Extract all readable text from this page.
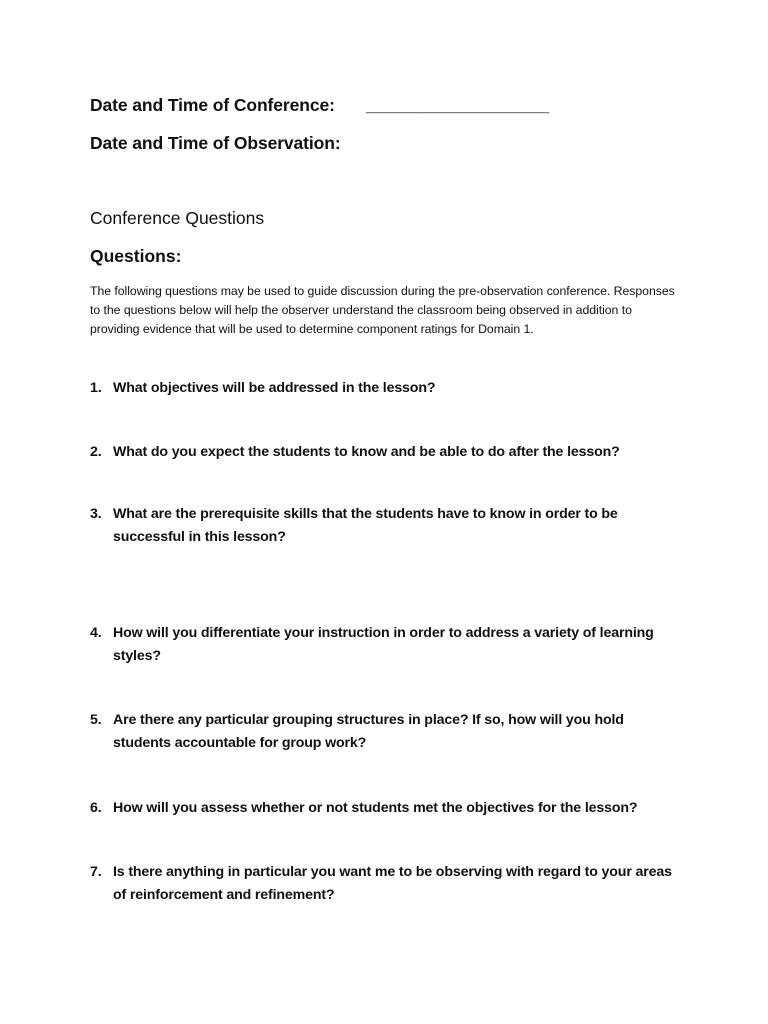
Date and Time of Conference: ___________________
Date and Time of Observation:
Conference Questions
Questions:
The following questions may be used to guide discussion during the pre-observation conference. Responses to the questions below will help the observer understand the classroom being observed in addition to providing evidence that will be used to determine component ratings for Domain 1.
1. What objectives will be addressed in the lesson?
2. What do you expect the students to know and be able to do after the lesson?
3. What are the prerequisite skills that the students have to know in order to be successful in this lesson?
4. How will you differentiate your instruction in order to address a variety of learning styles?
5. Are there any particular grouping structures in place? If so, how will you hold students accountable for group work?
6. How will you assess whether or not students met the objectives for the lesson?
7. Is there anything in particular you want me to be observing with regard to your areas of reinforcement and refinement?
